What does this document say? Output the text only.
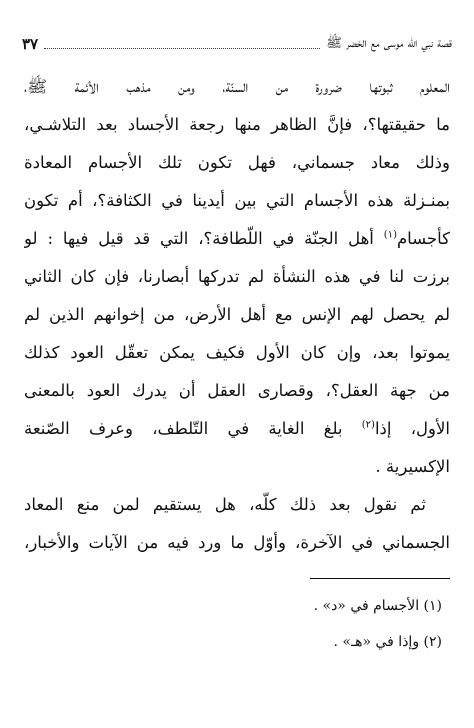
قصة نبي الله موسى مع الخضر ﷺ
٣٧
المعلوم ثبوتها ضرورة من السنّة، ومن مذهب الأئمة ﷺ،
ما حقيقتها؟، فإنَّ الظاهر منها رجعة الأجساد بعد التلاشـي،
وذلك معاد جسماني، فهل تكون تلك الأجسام المعادة
بمنـزلة هذه الأجسام التي بين أيدينا في الكثافة؟، أم تكون
كأجسام$^{(١)}$ أهل الجنّة في اللّطافة؟، التي قد قيل فيها : لو
برزت لنا في هذه النشأة لم تدركها أبصارنا، فإن كان الثاني
لم يحصل لهم الإنس مع أهل الأرض، من إخوانهم الذين لم
يموتوا بعد، وإن كان الأول فكيف يمكن تعقّل العود كذلك
من جهة العقل؟، وقصارى العقل أن يدرك العود بالمعنى
الأول، إذا$^{(٢)}$ بلغ الغاية في التّلطف، وعرف الصّنعة
الإكسيرية .
ثم نقول بعد ذلك كلّه، هل يستقيم لمن منع المعاد
الجسماني في الآخرة، وأوّل ما ورد فيه من الآيات والأخبار،
(١) الأجسام في «د» .
(٢) وإذا في «هـ» .
